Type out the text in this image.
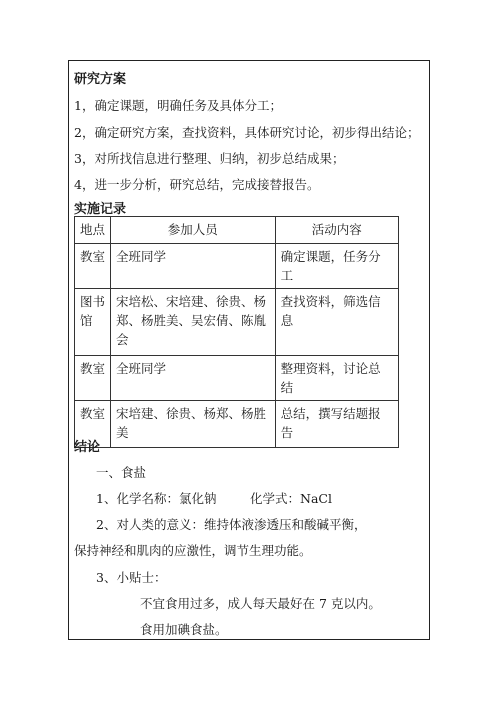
研究方案
1，确定课题，明确任务及具体分工；
2，确定研究方案，查找资料，具体研究讨论，初步得出结论；
3，对所找信息进行整理、归纳，初步总结成果；
4，进一步分析，研究总结，完成接替报告。
实施记录
地点	参加人员	活动内容
教室	全班同学	确定课题，任务分工
图书馆	宋培松、宋培建、徐贵、杨郑、杨胜美、吴宏倩、陈胤会	查找资料，筛选信息
教室	全班同学	整理资料，讨论总结
教室	宋培建、徐贵、杨郑、杨胜美	总结，撰写结题报告
结论
一、食盐
1、化学名称：氯化钠	化学式：NaCl
2、对人类的意义：维持体液渗透压和酸碱平衡，
保持神经和肌肉的应激性，调节生理功能。
3、小贴士：
不宜食用过多，成人每天最好在 7 克以内。
食用加碘食盐。
